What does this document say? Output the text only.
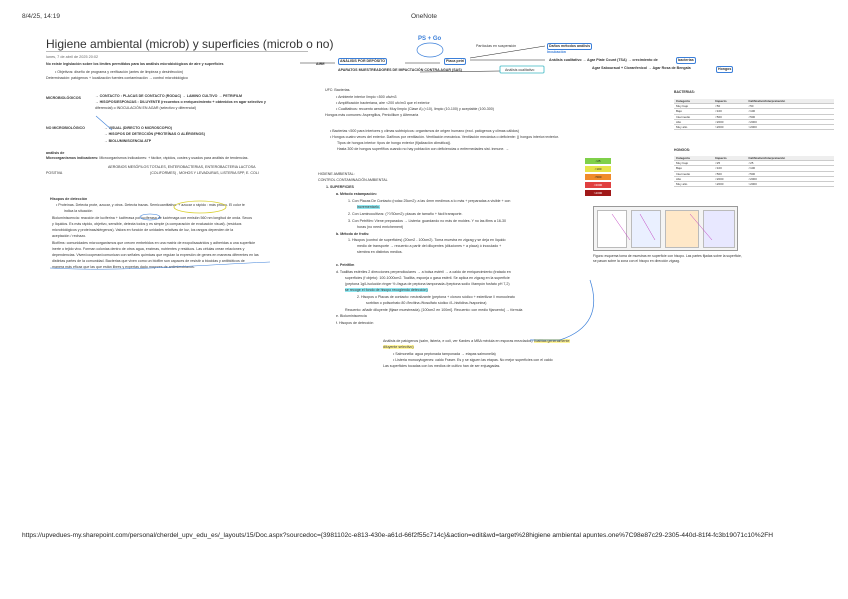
8/4/25, 14:19	OneNote
Higiene ambiental (microb) y superficies (microb o no)
lunes, 7 de abril de 2025 20:02
No existe legislación sobre los límites permitidos para los análisis microbiológicos de aire y superficies
• Objetivos: diseño de programa y verificación (antes de limpieza y desinfección)
Determinación: patógenos + localización fuentes contaminación → control microbiológico
MICROBIOLÓGICOS	→ CONTACTO : PLACAS DE CONTACTO (RODAC) → LAMINO CULTIVO → PETRIFILM
→ HISOPOS/ESPONJAS : DILUYENTE (recuentos o enriquecimiento + obtenidos en agar selectivo y
diferencial) o INOCULACIÓN EN AGAR (selectivo y diferencial)
NO MICROBIOLÓGICO	→ VISUAL (DIRECTO O MICROSCOPIO)
→ HISOPOS DE DETECCIÓN (PROTEÍNAS O ALÉRGENOS)
→ BIOLUMINISCENCIA ATP
análisis de
Microorganismos indicadores: Microorganismos indicadores: + fácilce, rápidos, costes y usados para análisis de tendencias.
AEROBIOS MESÓFILOS TOTALES, ENTEROBACTERIAS, ENTEROBACTERIA LACTOSA
POSITIVA	(COLIFORMES) , MOHOS Y LEVADURAS, LISTERIA SPP, E. COLI
Hisopos de detección
• Proteínas. Detecta prote, azucar, y otros. Detecta trazas. Semicuantitativo. + azucar o rápido : más proteu. El color te
indica la situación
Bioluminiscencia: reacción de luciferina + luciferasa por luciferasa de luciérnaga con emisión 560 nm longitud de onda. Secos
y líquidos. Es más rápido, objetivo, sensible, detecta todos y es simple (a comparación de evaluación visual). (residuos
microbiológicos y proteínas/alérgenos). Valora en función de unidades relativas de luz, los rangos dependen de la
aceptación / rechazo.
Biofilms: comunidades microorganismos que crecen embebidos en una matriz de exopolisacáridos y adheridas a una superficie
inerte o tejido vivo. Forman colonias dentro de otros agua, enzimas, nutrientes y residuos. Las células crean relaciones y
dependencias. Viven/cooperan/comunican con señales químicas que regulan la expresión de genes en maneras diferentes en las
distintas partes de la comunidad. Bacterias que viven como un biofilm son capaces de resistir a biocidas y antibióticos de
manera más eficaz que las que están libres y expertas dado mayores de antimicrobianos.
AIRE
ANÁLISIS POR DEPÓSITO
APARATOS MUESTREADORES DE IMPACTACIÓN CONTRA AGAR (SAS)
PS + Go
Partículas en suspensión
Placa petri
Análisis cualitativo
Daños métodos análisis
Incubación
Análisis cualitativo → Agar Plate Count (TSA) → crecimiento de	bacterias
Agar Sabouraud + Cloranfenicol → Agar Rosa de Bengala	Hongos
UFC: Bacterias.
• Ambiente interior limpio <500 ufc/m3
• Amplificación bacteriana, aire <200 ufc/m3 que el exterior
• Cualitativos: recuento aerobios: Muy limpio (Clase A) (<10), limpio (10-100) y aceptable (100-300)
Hongos más comunes: Aspergillus, Penicillium y Alternaria
• Bacterias <500 para interiores y climas subtrópicos: organismos de origen humano (excl. patógenos y climas cálidos)
• Hongos cuatro veces del exterior. Dañinos por ventilación. Ventilación mecánica. Ventilación mecánica o deficiente: () hongos interior>exterior.
Tipos de hongos interior: tipos de hongo exterior (fijalización climática)).
Hasta 300 de hongos superfifíos cuando no hay población con deficiencias o enfermedades sist. inmune. →
<25
<100
<500
<2000
>2000
BACTERIAS:
Categoría	Impacto	Calificativo/Interpretación
Muy bajo	<50	<50
Bajo	<100	<100
Intermedio	<500	<500
Alto	<2000	<2000
Muy alto	>2000	>2000
HONGOS:
Categoría	Impacto	Calificativo/Interpretación
Muy bajo	<25	<25
Bajo	<100	<100
Intermedio	<500	<500
Alto	<2000	<2000
Muy alto	>2000	>2000
Figura: esquema toma de muestras en superficie con hisopo. Las partes fijadas sobre la superficie, se pasan sobre la zona con el hisopo en dirección zigzag.
HIGIENE AMBIENTAL:
CONTROL CONTAMINACIÓN AMBIENTAL
1. SUPERFICIES
a. Método estampación:
1. Con Placas De Contacto (rodac 25cm2): a las 4mm medimos a lo más + preparadas a visible + con
incrementarlo.
2. Con Laminocultivos: (??/30cm2): placas de tamaño + fácil transporte.
3. Con Petrifilm: Viene preparados → Listeria: guardando no más de moldes. Y no las.films a 16-30
horas (no need enrichement)
b. Método de frotis:
1. Hisopos (control de superficies) (20cm2 - 100cm2). Toma muestra en zigzag y se deja en líquido
medio de transporte → recuento a partir del diluyentes (diluciones + a placa) ó inoculado +
siembra en distintos medios.
c. Petrifilm
d. Toallitas estériles 2 direcciones perpendiculares → a bolsa estéril → a caldo de enriquecimiento (tratado en
superficies (f objeto): 100-1000cm2. Toallita, esponja o gasa estéril. Se aplica en zigzag en la superficie
(peptona 1g/L/solución ringer ½ //agua de peptona tamponada //peptona sodio //tampón fosfato pH 7,2)
se recoge el fondo de hisopo recogiendo detección)
2. Hisopos o Placas de contacto: neutralizante (peptona + cloruro sódico + esterilizar // monooleato
sorbitan o polisorbato 80 //lecitina //tiosulfato sódico //L-histidina //saponina)
Recuento: añadir diluyente (fijase muestreada). [100cm2 en 100ml]. Recuento: con medio fijaruento] → fórmula
e. Bioluminiscencia
f. Hisopos de detección
Análisis de patógenos (salm, listeria, e coli, ver Kardes a MBA médula en esporas mezclados) Toallitas generalmente
diluyente selectivo)
• Salmonella: agua peptonada tamponada → etapas salmonella)
• Listeria monocytogenes: caldo Fraser. Es y se siguen las etapas. No mejor superficies con el caldo
Las superficies tocadas con los medios de cultivo han de ser enjuagadas.
https://upvedues-my.sharepoint.com/personal/cherdel_upv_edu_es/_layouts/15/Doc.aspx?sourcedoc={3981102c-e813-430e-a61d-66f2f55c714c}&action=edit&wd=target%28higiene ambiental apuntes.one%7C98e87c29-2305-440d-81f4-fc3b19071c10%2FH
